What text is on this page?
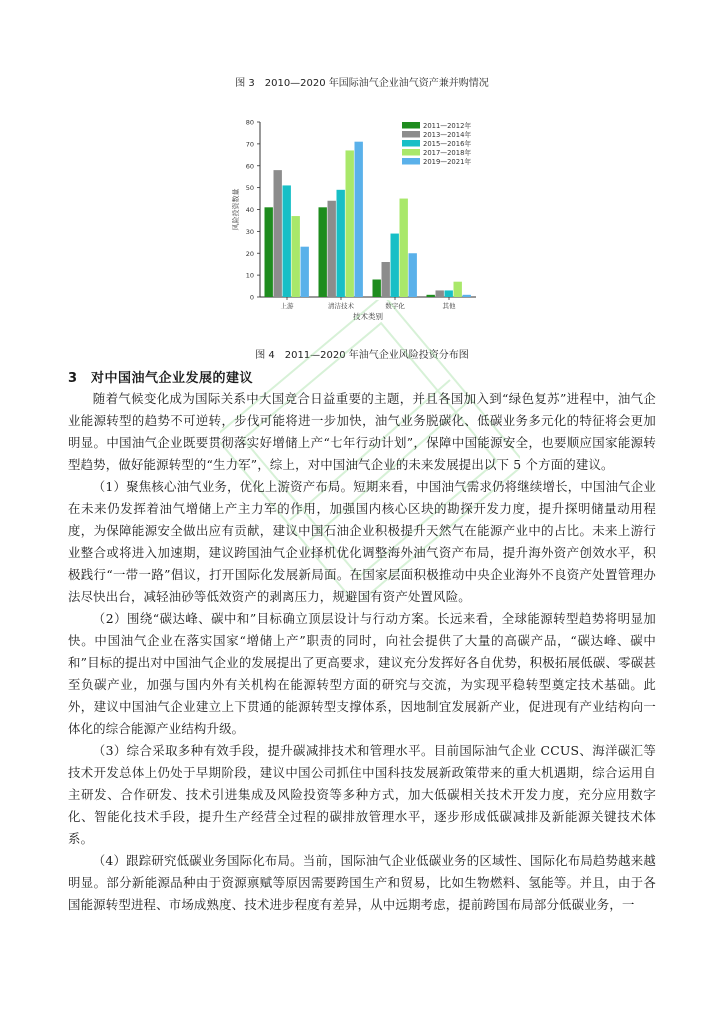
图 3　2010—2020 年国际油气企业油气资产兼并购情况
0
10
20
30
40
50
60
70
80
风险投资数量
上游	清洁技术	数字化	其他
技术类别
2011—2012年
2013—2014年
2015—2016年
2017—2018年
2019—2021年
图 4　2011—2020 年油气企业风险投资分布图
3　对中国油气企业发展的建议

随着气候变化成为国际关系中大国竞合日益重要的主题，并且各国加入到“绿色复苏”进程中，油气企业能源转型的趋势不可逆转，步伐可能将进一步加快，油气业务脱碳化、低碳业务多元化的特征将会更加明显。中国油气企业既要贯彻落实好增储上产“七年行动计划”，保障中国能源安全，也要顺应国家能源转型趋势，做好能源转型的“生力军”，综上，对中国油气企业的未来发展提出以下 5 个方面的建议。

（1）聚焦核心油气业务，优化上游资产布局。短期来看，中国油气需求仍将继续增长，中国油气企业在未来仍发挥着油气增储上产主力军的作用，加强国内核心区块的勘探开发力度，提升探明储量动用程度，为保障能源安全做出应有贡献，建议中国石油企业积极提升天然气在能源产业中的占比。未来上游行业整合或将进入加速期，建议跨国油气企业择机优化调整海外油气资产布局，提升海外资产创效水平，积极践行“一带一路”倡议，打开国际化发展新局面。在国家层面积极推动中央企业海外不良资产处置管理办法尽快出台，减轻油砂等低效资产的剥离压力，规避国有资产处置风险。

（2）围绕“碳达峰、碳中和”目标确立顶层设计与行动方案。长远来看，全球能源转型趋势将明显加快。中国油气企业在落实国家“增储上产”职责的同时，向社会提供了大量的高碳产品，“碳达峰、碳中和”目标的提出对中国油气企业的发展提出了更高要求，建议充分发挥好各自优势，积极拓展低碳、零碳甚至负碳产业，加强与国内外有关机构在能源转型方面的研究与交流，为实现平稳转型奠定技术基础。此外，建议中国油气企业建立上下贯通的能源转型支撑体系，因地制宜发展新产业，促进现有产业结构向一体化的综合能源产业结构升级。

（3）综合采取多种有效手段，提升碳减排技术和管理水平。目前国际油气企业 CCUS、海洋碳汇等技术开发总体上仍处于早期阶段，建议中国公司抓住中国科技发展新政策带来的重大机遇期，综合运用自主研发、合作研发、技术引进集成及风险投资等多种方式，加大低碳相关技术开发力度，充分应用数字化、智能化技术手段，提升生产经营全过程的碳排放管理水平，逐步形成低碳减排及新能源关键技术体系。

（4）跟踪研究低碳业务国际化布局。当前，国际油气企业低碳业务的区域性、国际化布局趋势越来越明显。部分新能源品种由于资源禀赋等原因需要跨国生产和贸易，比如生物燃料、氢能等。并且，由于各国能源转型进程、市场成熟度、技术进步程度有差异，从中远期考虑，提前跨国布局部分低碳业务，一
